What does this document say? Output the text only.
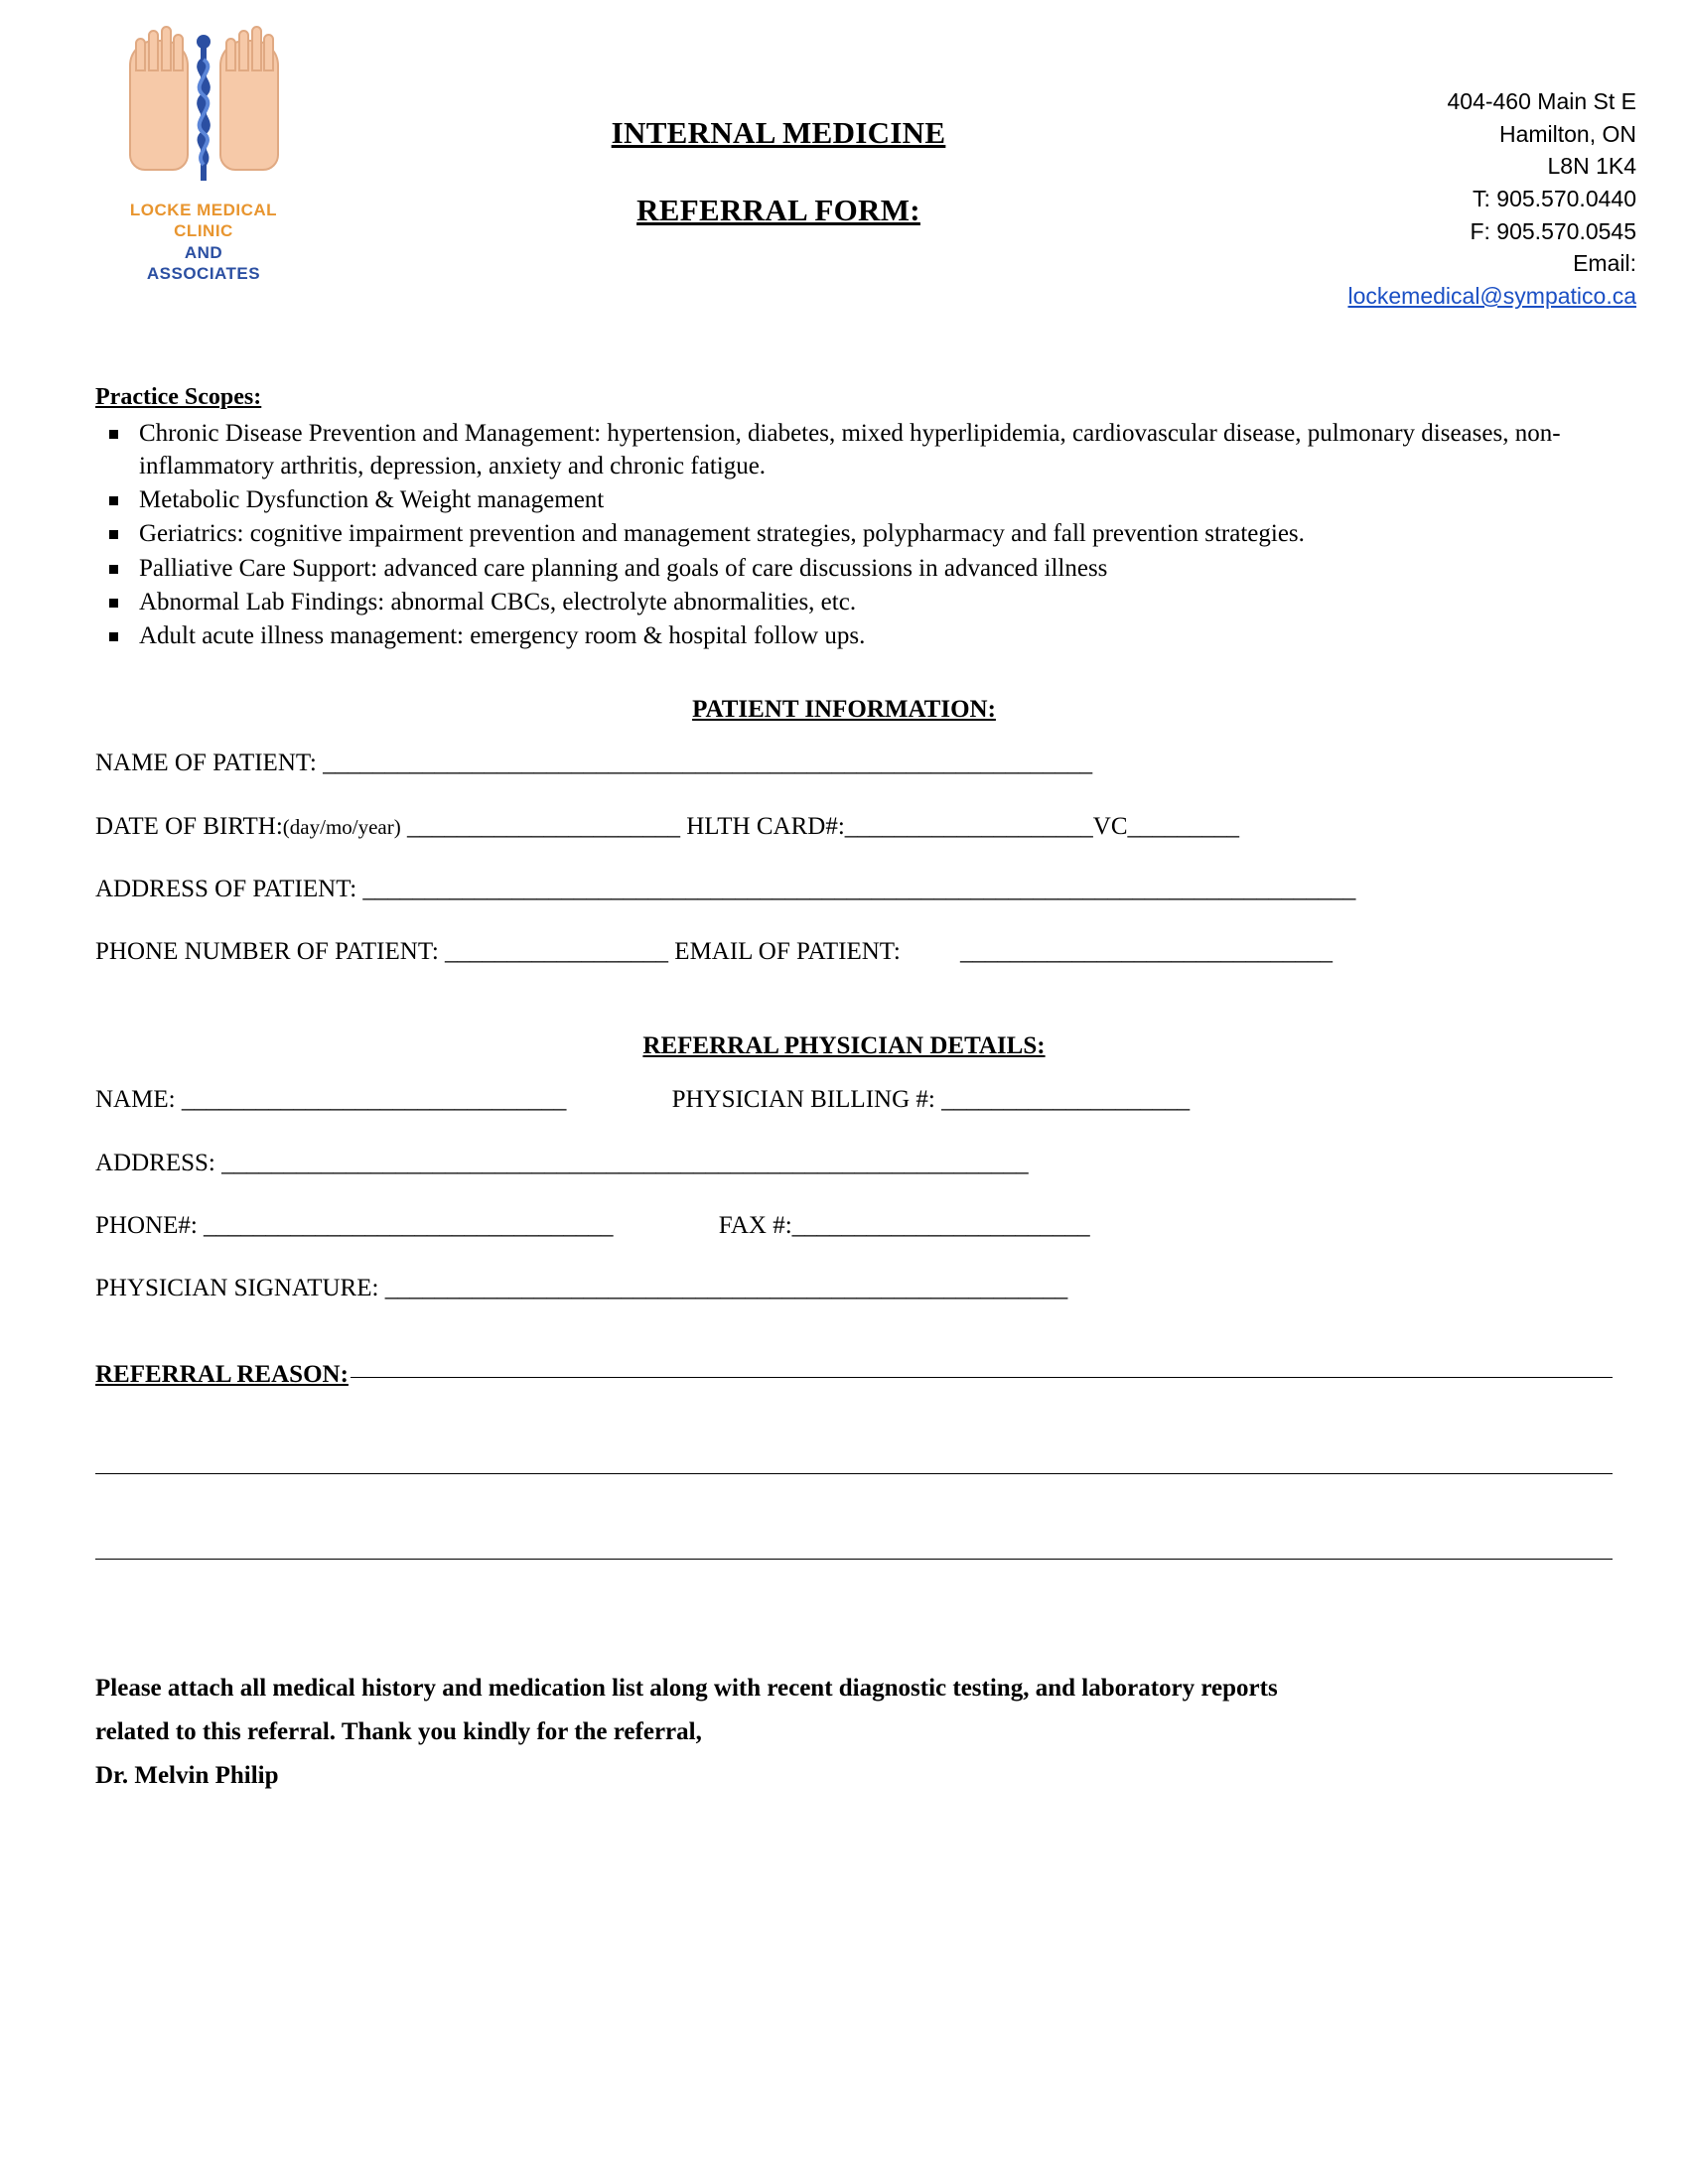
LOCKE MEDICAL
CLINIC
AND
ASSOCIATES
INTERNAL MEDICINE
REFERRAL FORM:
404-460 Main St E
Hamilton, ON
L8N 1K4
T: 905.570.0440
F: 905.570.0545
Email:
lockemedical@sympatico.ca
Practice Scopes:
Chronic Disease Prevention and Management: hypertension, diabetes, mixed hyperlipidemia, cardiovascular disease, pulmonary diseases, non-inflammatory arthritis, depression, anxiety and chronic fatigue.
Metabolic Dysfunction & Weight management
Geriatrics: cognitive impairment prevention and management strategies, polypharmacy and fall prevention strategies.
Palliative Care Support: advanced care planning and goals of care discussions in advanced illness
Abnormal Lab Findings: abnormal CBCs, electrolyte abnormalities, etc.
Adult acute illness management: emergency room & hospital follow ups.
PATIENT INFORMATION:
NAME OF PATIENT: ______________________________________________________________
DATE OF BIRTH:(day/mo/year) ______________________ HLTH CARD#:____________________VC_________
ADDRESS OF PATIENT: ________________________________________________________________________________
PHONE NUMBER OF PATIENT: __________________ EMAIL OF PATIENT: ______________________________
REFERRAL PHYSICIAN DETAILS:
NAME: _______________________________	PHYSICIAN BILLING #: ____________________
ADDRESS: _________________________________________________________________
PHONE#: _________________________________	FAX #:________________________
PHYSICIAN SIGNATURE: _______________________________________________________
REFERRAL REASON:
Please attach all medical history and medication list along with recent diagnostic testing, and laboratory reports
related to this referral. Thank you kindly for the referral,
Dr. Melvin Philip
